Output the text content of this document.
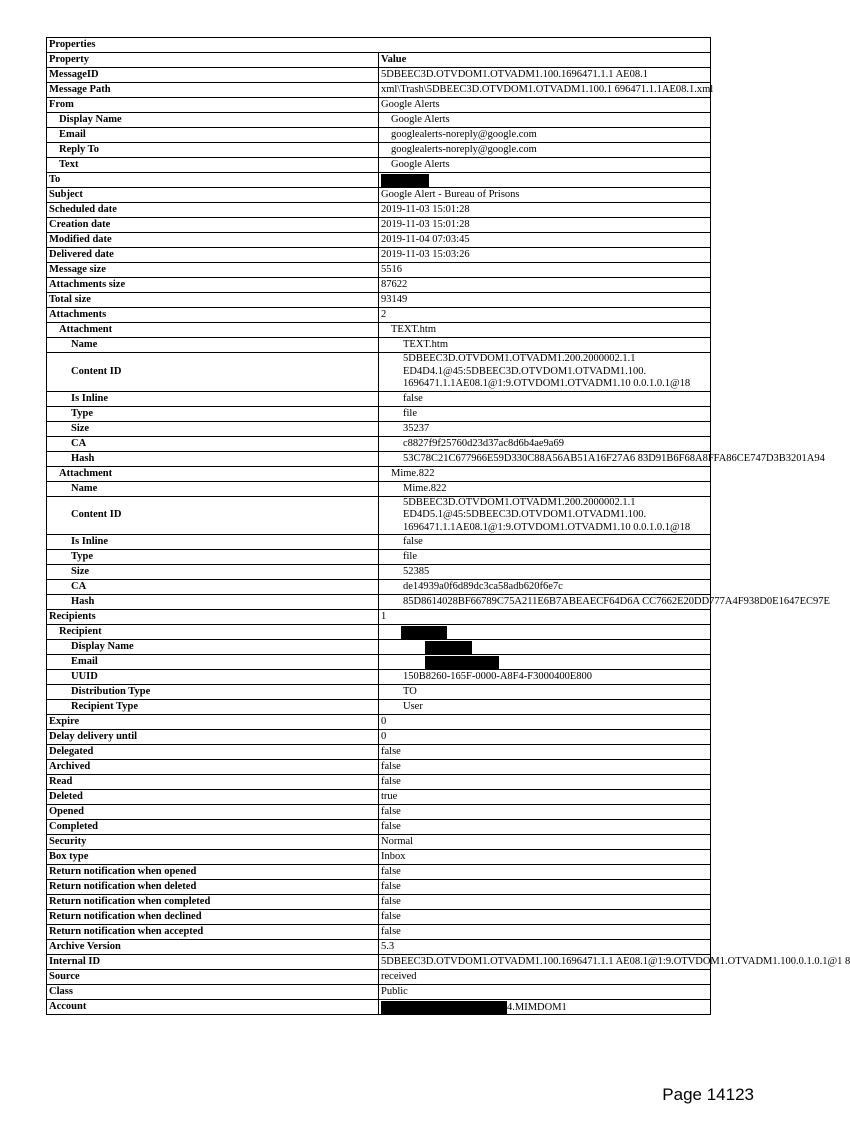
Properties	
Property	Value
MessageID	5DBEEC3D.OTVDOM1.OTVADM1.100.1696471.1.1 AE08.1
Message Path	xml\Trash\5DBEEC3D.OTVDOM1.OTVADM1.100.1 696471.1.1AE08.1.xml
From	Google Alerts
Display Name	Google Alerts
Email	googlealerts-noreply@google.com
Reply To	googlealerts-noreply@google.com
Text	Google Alerts
To	
Subject	Google Alert - Bureau of Prisons
Scheduled date	2019-11-03 15:01:28
Creation date	2019-11-03 15:01:28
Modified date	2019-11-04 07:03:45
Delivered date	2019-11-03 15:03:26
Message size	5516
Attachments size	87622
Total size	93149
Attachments	2
Attachment	TEXT.htm
Name	TEXT.htm
Content ID	5DBEEC3D.OTVDOM1.OTVADM1.200.2000002.1.1
ED4D4.1@45:5DBEEC3D.OTVDOM1.OTVADM1.100.
1696471.1.1AE08.1@1:9.OTVDOM1.OTVADM1.10 0.0.1.0.1@18
Is Inline	false
Type	file
Size	35237
CA	c8827f9f25760d23d37ac8d6b4ae9a69
Hash	53C78C21C677966E59D330C88A56AB51A16F27A6 83D91B6F68A8FFA86CE747D3B3201A94
Attachment	Mime.822
Name	Mime.822
Content ID	5DBEEC3D.OTVDOM1.OTVADM1.200.2000002.1.1
ED4D5.1@45:5DBEEC3D.OTVDOM1.OTVADM1.100.
1696471.1.1AE08.1@1:9.OTVDOM1.OTVADM1.10 0.0.1.0.1@18
Is Inline	false
Type	file
Size	52385
CA	de14939a0f6d89dc3ca58adb620f6e7c
Hash	85D8614028BF66789C75A211E6B7ABEAECF64D6A CC7662E20DD777A4F938D0E1647EC97E
Recipients	1
Recipient	
Display Name	
Email	
UUID	150B8260-165F-0000-A8F4-F3000400E800
Distribution Type	TO
Recipient Type	User
Expire	0
Delay delivery until	0
Delegated	false
Archived	false
Read	false
Deleted	true
Opened	false
Completed	false
Security	Normal
Box type	Inbox
Return notification when opened	false
Return notification when deleted	false
Return notification when completed	false
Return notification when declined	false
Return notification when accepted	false
Archive Version	5.3
Internal ID	5DBEEC3D.OTVDOM1.OTVADM1.100.1696471.1.1 AE08.1@1:9.OTVDOM1.OTVADM1.100.0.1.0.1@1 8
Source	received
Class	Public
Account	4.MIMDOM1
Page 14123
